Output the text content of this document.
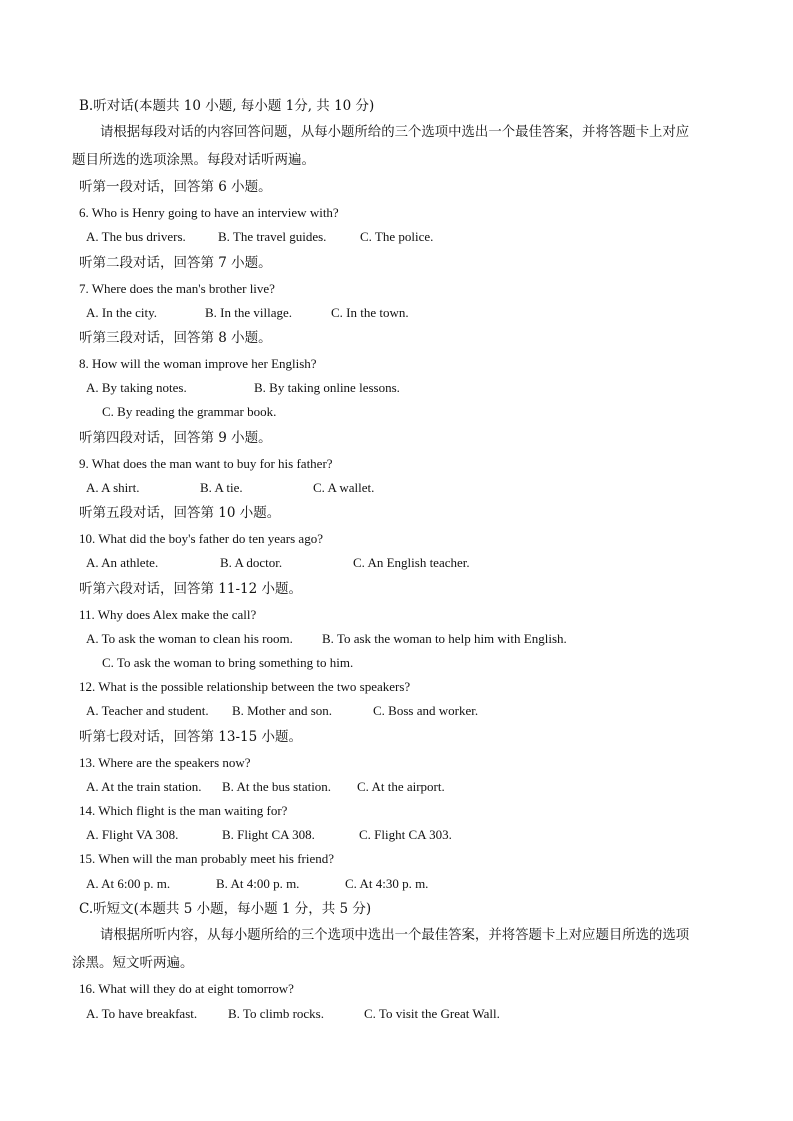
B.听对话(本题共 10 小题, 每小题 1分, 共 10 分)
请根据每段对话的内容回答问题，从每小题所给的三个选项中选出一个最佳答案，并将答题卡上对应
题目所选的选项涂黑。每段对话听两遍。
听第一段对话，回答第 6 小题。
6. Who is Henry going to have an interview with?
A. The bus drivers. B. The travel guides.	C. The police.
听第二段对话，回答第 7 小题。
7. Where does the man's brother live?
A. In the city.	B. In the village.	C. In the town.
听第三段对话，回答第 8 小题。
8. How will the woman improve her English?
A. By taking notes.	B. By taking online lessons.
C. By reading the grammar book.
听第四段对话，回答第 9 小题。
9. What does the man want to buy for his father?
A. A shirt.	B. A tie.	C. A wallet.
听第五段对话，回答第 10 小题。
10. What did the boy's father do ten years ago?
A. An athlete.	B. A doctor.	C. An English teacher.
听第六段对话，回答第 11-12 小题。
11. Why does Alex make the call?
A. To ask the woman to clean his room. B. To ask the woman to help him with English.
C. To ask the woman to bring something to him.
12. What is the possible relationship between the two speakers?
A. Teacher and student. B. Mother and son.	C. Boss and worker.
听第七段对话，回答第 13-15 小题。
13. Where are the speakers now?
A. At the train station. B. At the bus station. C. At the airport.
14. Which flight is the man waiting for?
A. Flight VA 308.	B. Flight CA 308.	C. Flight CA 303.
15. When will the man probably meet his friend?
A. At 6:00 p. m.	B. At 4:00 p. m.	C. At 4:30 p. m.
C.听短文(本题共 5 小题，每小题 1 分，共 5 分)
请根据所听内容，从每小题所给的三个选项中选出一个最佳答案，并将答题卡上对应题目所选的选项
涂黑。短文听两遍。
16. What will they do at eight tomorrow?
A. To have breakfast. B. To climb rocks.	C. To visit the Great Wall.
